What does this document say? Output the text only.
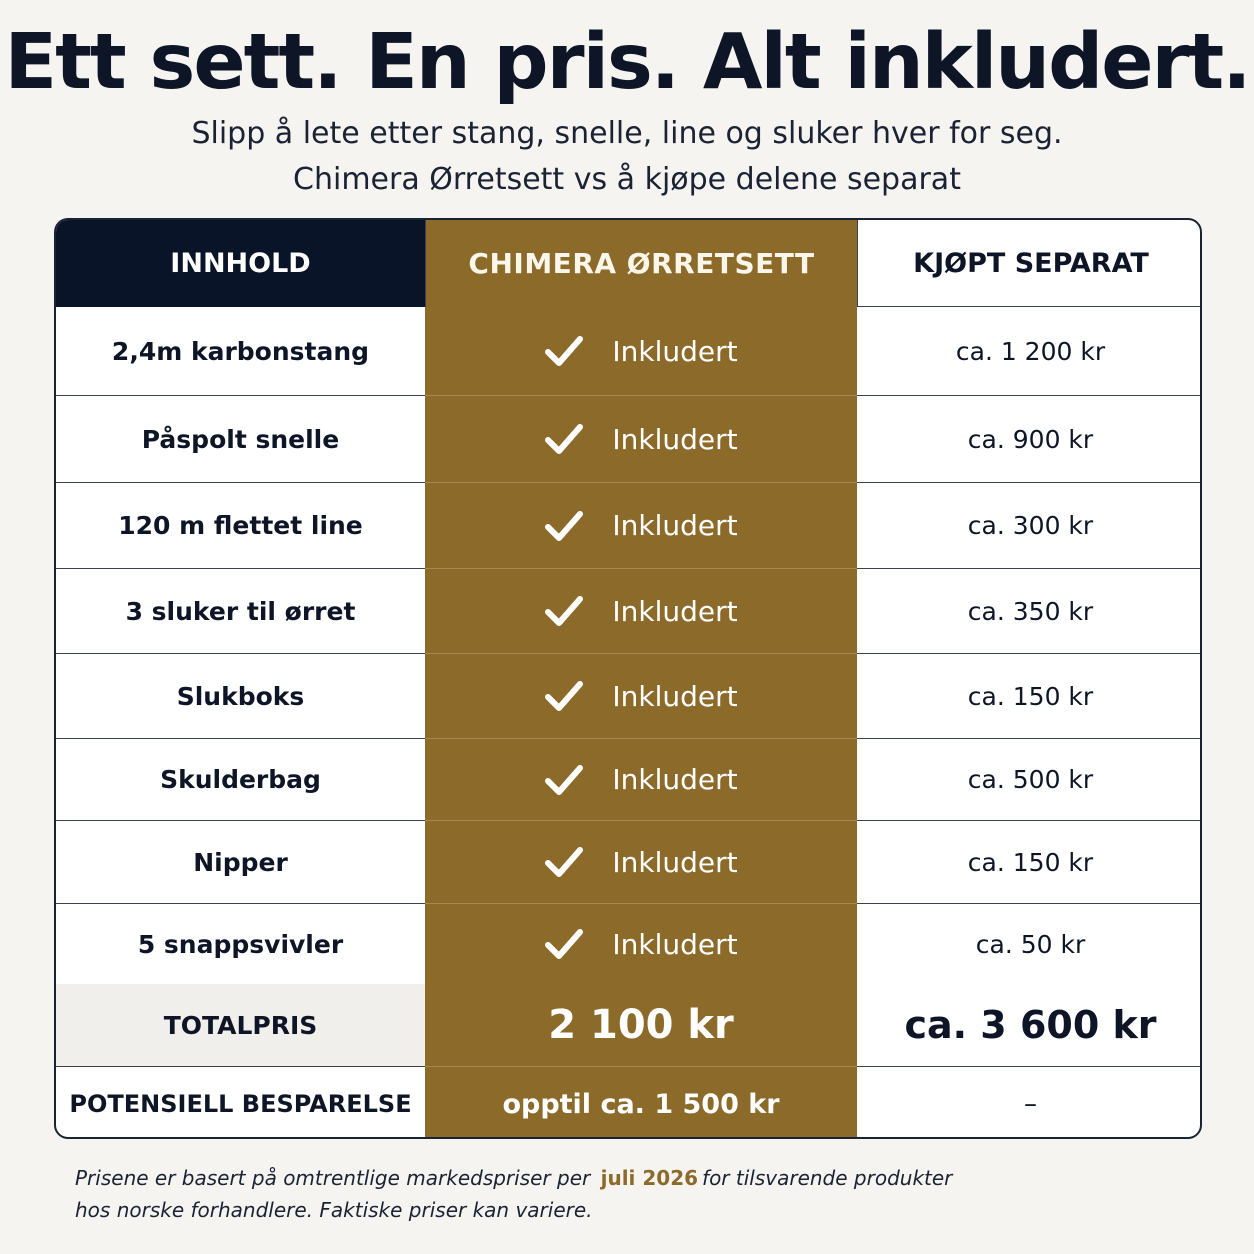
Ett sett. En pris. Alt inkludert.
Slipp å lete etter stang, snelle, line og sluker hver for seg.
Chimera Ørretsett vs å kjøpe delene separat
INNHOLD	CHIMERA ØRRETSETT	KJØPT SEPARAT
2,4m karbonstang	Inkludert	ca. 1 200 kr
Påspolt snelle	Inkludert	ca. 900 kr
120 m flettet line	Inkludert	ca. 300 kr
3 sluker til ørret	Inkludert	ca. 350 kr
Slukboks	Inkludert	ca. 150 kr
Skulderbag	Inkludert	ca. 500 kr
Nipper	Inkludert	ca. 150 kr
5 snappsvivler	Inkludert	ca. 50 kr
TOTALPRIS	2 100 kr	ca. 3 600 kr
POTENSIELL BESPARELSE	opptil ca. 1 500 kr	–
Prisene er basert på omtrentlige markedspriser per juli 2026 for tilsvarende produkter
hos norske forhandlere. Faktiske priser kan variere.
